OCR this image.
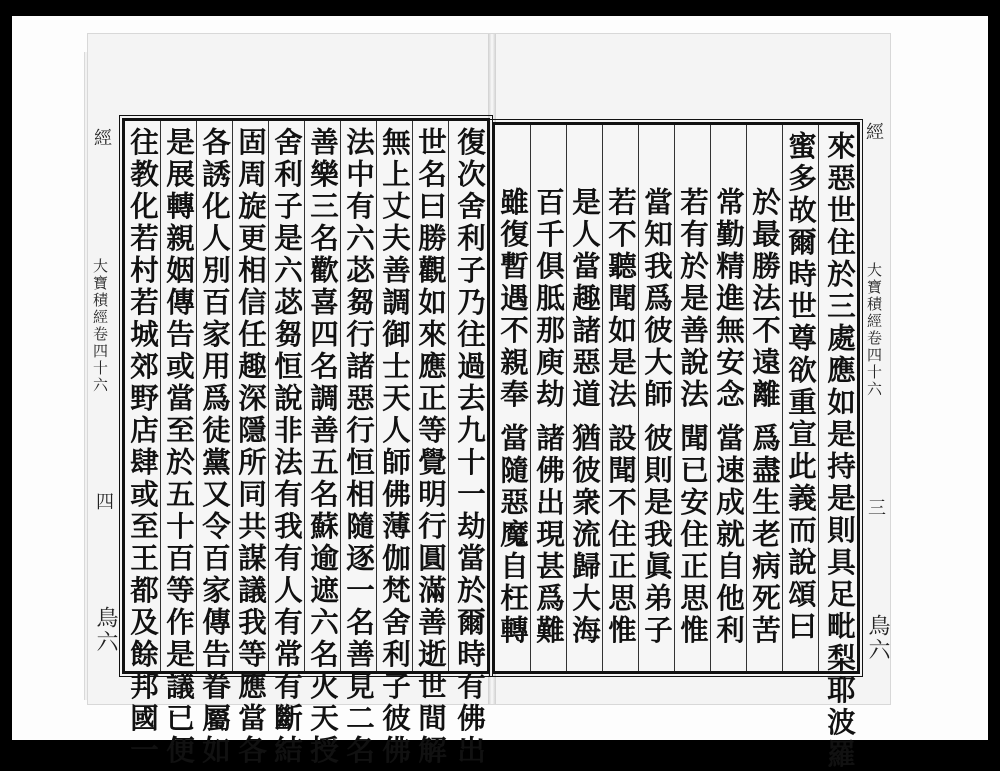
經
大寶積經卷四十六
四
鳥六
經
大寶積經卷四十六
三
鳥六
往教化若村若城郊野店肆或至王都及餘邦國一 是展轉親姻傳告或當至於五十百等作是議已便 各誘化人別百家用爲徒黨又令百家傳告眷屬如 固周旋更相信任趣深隱所同共謀議我等應當各 舍利子是六苾芻恒說非法有我有人有常有斷結 善樂三名歡喜四名調善五名蘇逾遮六名火天授 法中有六苾芻行諸惡行恒相隨逐一名善見二名 無上丈夫善調御士天人師佛薄伽梵舍利子彼佛 世名曰勝觀如來應正等覺明行圓滿善逝世間解 復次舍利子乃往過去九十一劫當於爾時有佛出 雖復暫遇不親奉
當隨惡魔自枉轉
百千俱胝那庾劫
諸佛出現甚爲難
是人當趣諸惡道
猶彼衆流歸大海
若不聽聞如是法
設聞不住正思惟
當知我爲彼大師
彼則是我眞弟子
若有於是善說法
聞已安住正思惟
常勤精進無安念
當速成就自他利
於最勝法不遠離
爲盡生老病死苦 蜜多故爾時世尊欲重宣此義而說頌曰 來惡世住於三處應如是持是則具足毗梨耶波羅
